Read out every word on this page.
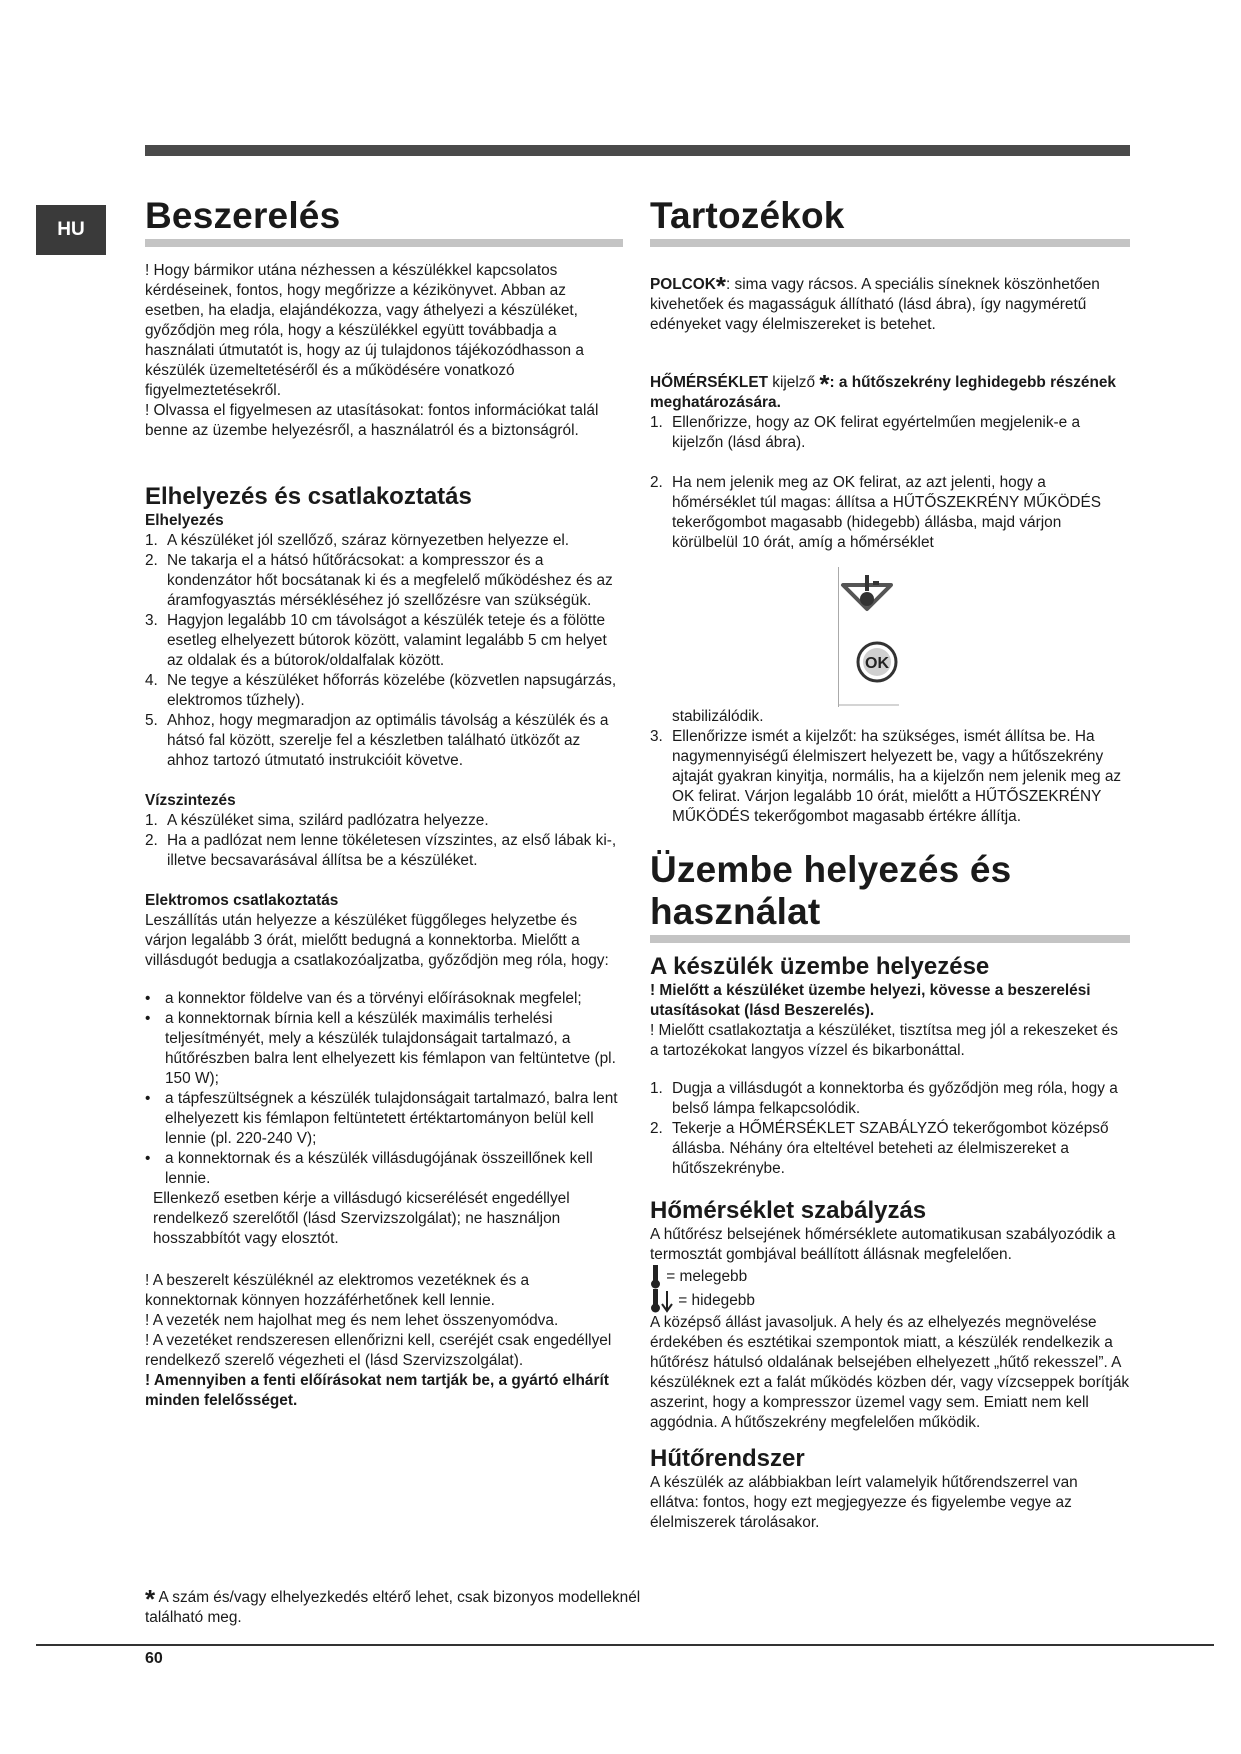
HU Beszerelés

! Hogy bármikor utána nézhessen a készülékkel kapcsolatos kérdéseinek, fontos, hogy megőrizze a kézikönyvet. Abban az esetben, ha eladja, elajándékozza, vagy áthelyezi a készüléket, győződjön meg róla, hogy a készülékkel együtt továbbadja a használati útmutatót is, hogy az új tulajdonos tájékozódhasson a készülék üzemeltetéséről és a működésére vonatkozó figyelmeztetésekről.

! Olvassa el figyelmesen az utasításokat: fontos információkat talál benne az üzembe helyezésről, a használatról és a biztonságról.

Elhelyezés és csatlakoztatás

Elhelyezés

1. A készüléket jól szellőző, száraz környezetben helyezze el.
2. Ne takarja el a hátsó hűtőrácsokat: a kompresszor és a kondenzátor hőt bocsátanak ki és a megfelelő működéshez és az áramfogyasztás mérsékléséhez jó szellőzésre van szükségük.
3. Hagyjon legalább 10 cm távolságot a készülék teteje és a fölötte esetleg elhelyezett bútorok között, valamint legalább 5 cm helyet az oldalak és a bútorok/oldalfalak között.
4. Ne tegye a készüléket hőforrás közelébe (közvetlen napsugárzás, elektromos tűzhely).
5. Ahhoz, hogy megmaradjon az optimális távolság a készülék és a hátsó fal között, szerelje fel a készletben található ütközőt az ahhoz tartozó útmutató instrukcióit követve.

Vízszintezés

1. A készüléket sima, szilárd padlózatra helyezze.
2. Ha a padlózat nem lenne tökéletesen vízszintes, az első lábak ki-, illetve becsavarásával állítsa be a készüléket.

Elektromos csatlakoztatás

Leszállítás után helyezze a készüléket függőleges helyzetbe és várjon legalább 3 órát, mielőtt bedugná a konnektorba. Mielőtt a villásdugót bedugja a csatlakozóaljzatba, győződjön meg róla, hogy:

• a konnektor földelve van és a törvényi előírásoknak megfelel;
• a konnektornak bírnia kell a készülék maximális terhelési teljesítményét, mely a készülék tulajdonságait tartalmazó, a hűtőrészben balra lent elhelyezett kis fémlapon van feltüntetve (pl. 150 W);
• a tápfeszültségnek a készülék tulajdonságait tartalmazó, balra lent elhelyezett kis fémlapon feltüntetett értéktartományon belül kell lennie (pl. 220-240 V);
• a konnektornak és a készülék villásdugójának összeillőnek kell lennie.

Ellenkező esetben kérje a villásdugó kicserélését engedéllyel rendelkező szerelőtől (lásd Szervizszolgálat); ne használjon hosszabbítót vagy elosztót.

! A beszerelt készüléknél az elektromos vezetéknek és a konnektornak könnyen hozzáférhetőnek kell lennie.

! A vezeték nem hajolhat meg és nem lehet összenyomódva.

! A vezetéket rendszeresen ellenőrizni kell, cseréjét csak engedéllyel rendelkező szerelő végezheti el (lásd Szervizszolgálat).

! Amennyiben a fenti előírásokat nem tartják be, a gyártó elhárít minden felelősséget.

Tartozékok

POLCOK*: sima vagy rácsos. A speciális síneknek köszönhetően kivehetőek és magasságuk állítható (lásd ábra), így nagyméretű edényeket vagy élelmiszereket is betehet.

HŐMÉRSÉKLET kijelző *: a hűtőszekrény leghidegebb részének meghatározására.

1. Ellenőrizze, hogy az OK felirat egyértelműen megjelenik-e a kijelzőn (lásd ábra).
2. Ha nem jelenik meg az OK felirat, az azt jelenti, hogy a hőmérséklet túl magas: állítsa a HŰTŐSZEKRÉNY MŰKÖDÉS tekerőgombot magasabb (hidegebb) állásba, majd várjon körülbelül 10 órát, amíg a hőmérséklet
OK

stabilizálódik.

3. Ellenőrizze ismét a kijelzőt: ha szükséges, ismét állítsa be. Ha nagymennyiségű élelmiszert helyezett be, vagy a hűtőszekrény ajtaját gyakran kinyitja, normális, ha a kijelzőn nem jelenik meg az OK felirat. Várjon legalább 10 órát, mielőtt a HŰTŐSZEKRÉNY MŰKÖDÉS tekerőgombot magasabb értékre állítja.
Üzembe helyezés és használat
A készülék üzembe helyezése

! Mielőtt a készüléket üzembe helyezi, kövesse a beszerelési utasításokat (lásd Beszerelés).

! Mielőtt csatlakoztatja a készüléket, tisztítsa meg jól a rekeszeket és a tartozékokat langyos vízzel és bikarbonáttal.

1. Dugja a villásdugót a konnektorba és győződjön meg róla, hogy a belső lámpa felkapcsolódik.
2. Tekerje a HŐMÉRSÉKLET SZABÁLYZÓ tekerőgombot középső állásba. Néhány óra elteltével beteheti az élelmiszereket a hűtőszekrénybe.
Hőmérséklet szabályzás

A hűtőrész belsejének hőmérséklete automatikusan szabályozódik a termosztát gombjával beállított állásnak megfelelően.

= melegebb

= hidegebb

A középső állást javasoljuk. A hely és az elhelyezés megnövelése érdekében és esztétikai szempontok miatt, a készülék rendelkezik a hűtőrész hátulsó oldalának belsejében elhelyezett „hűtő rekesszel”. A készüléknek ezt a falát működés közben dér, vagy vízcseppek borítják aszerint, hogy a kompresszor üzemel vagy sem. Emiatt nem kell aggódnia. A hűtőszekrény megfelelően működik.

Hűtőrendszer

A készülék az alábbiakban leírt valamelyik hűtőrendszerrel van ellátva: fontos, hogy ezt megjegyezze és figyelembe vegye az élelmiszerek tárolásakor.

* A szám és/vagy elhelyezkedés eltérő lehet, csak bizonyos modelleknél található meg.
60
